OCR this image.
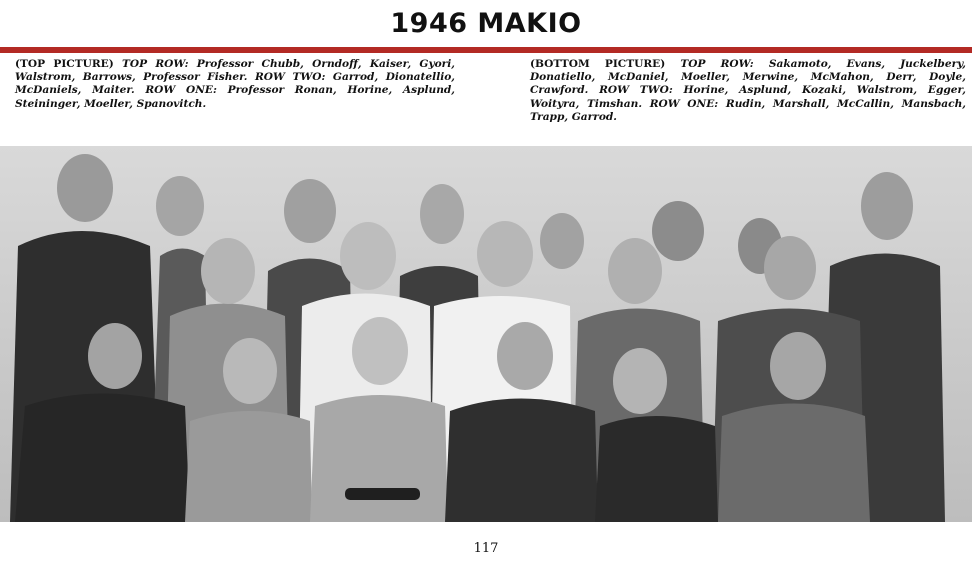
1946 MAKIO
(TOP PICTURE) TOP ROW: Professor Chubb, Orndoff, Kaiser, Gyori, Walstrom, Barrows, Professor Fisher. ROW TWO: Garrod, Dionatellio, McDaniels, Maiter. ROW ONE: Professor Ronan, Horine, Asplund, Steininger, Moeller, Spanovitch.
(BOTTOM PICTURE) TOP ROW: Sakamoto, Evans, Juckelbery, Donatiello, McDaniel, Moeller, Merwine, McMahon, Derr, Doyle, Crawford. ROW TWO: Horine, Asplund, Kozaki, Walstrom, Egger, Woityra, Timshan. ROW ONE: Rudin, Marshall, McCallin, Mansbach, Trapp, Garrod.
117
